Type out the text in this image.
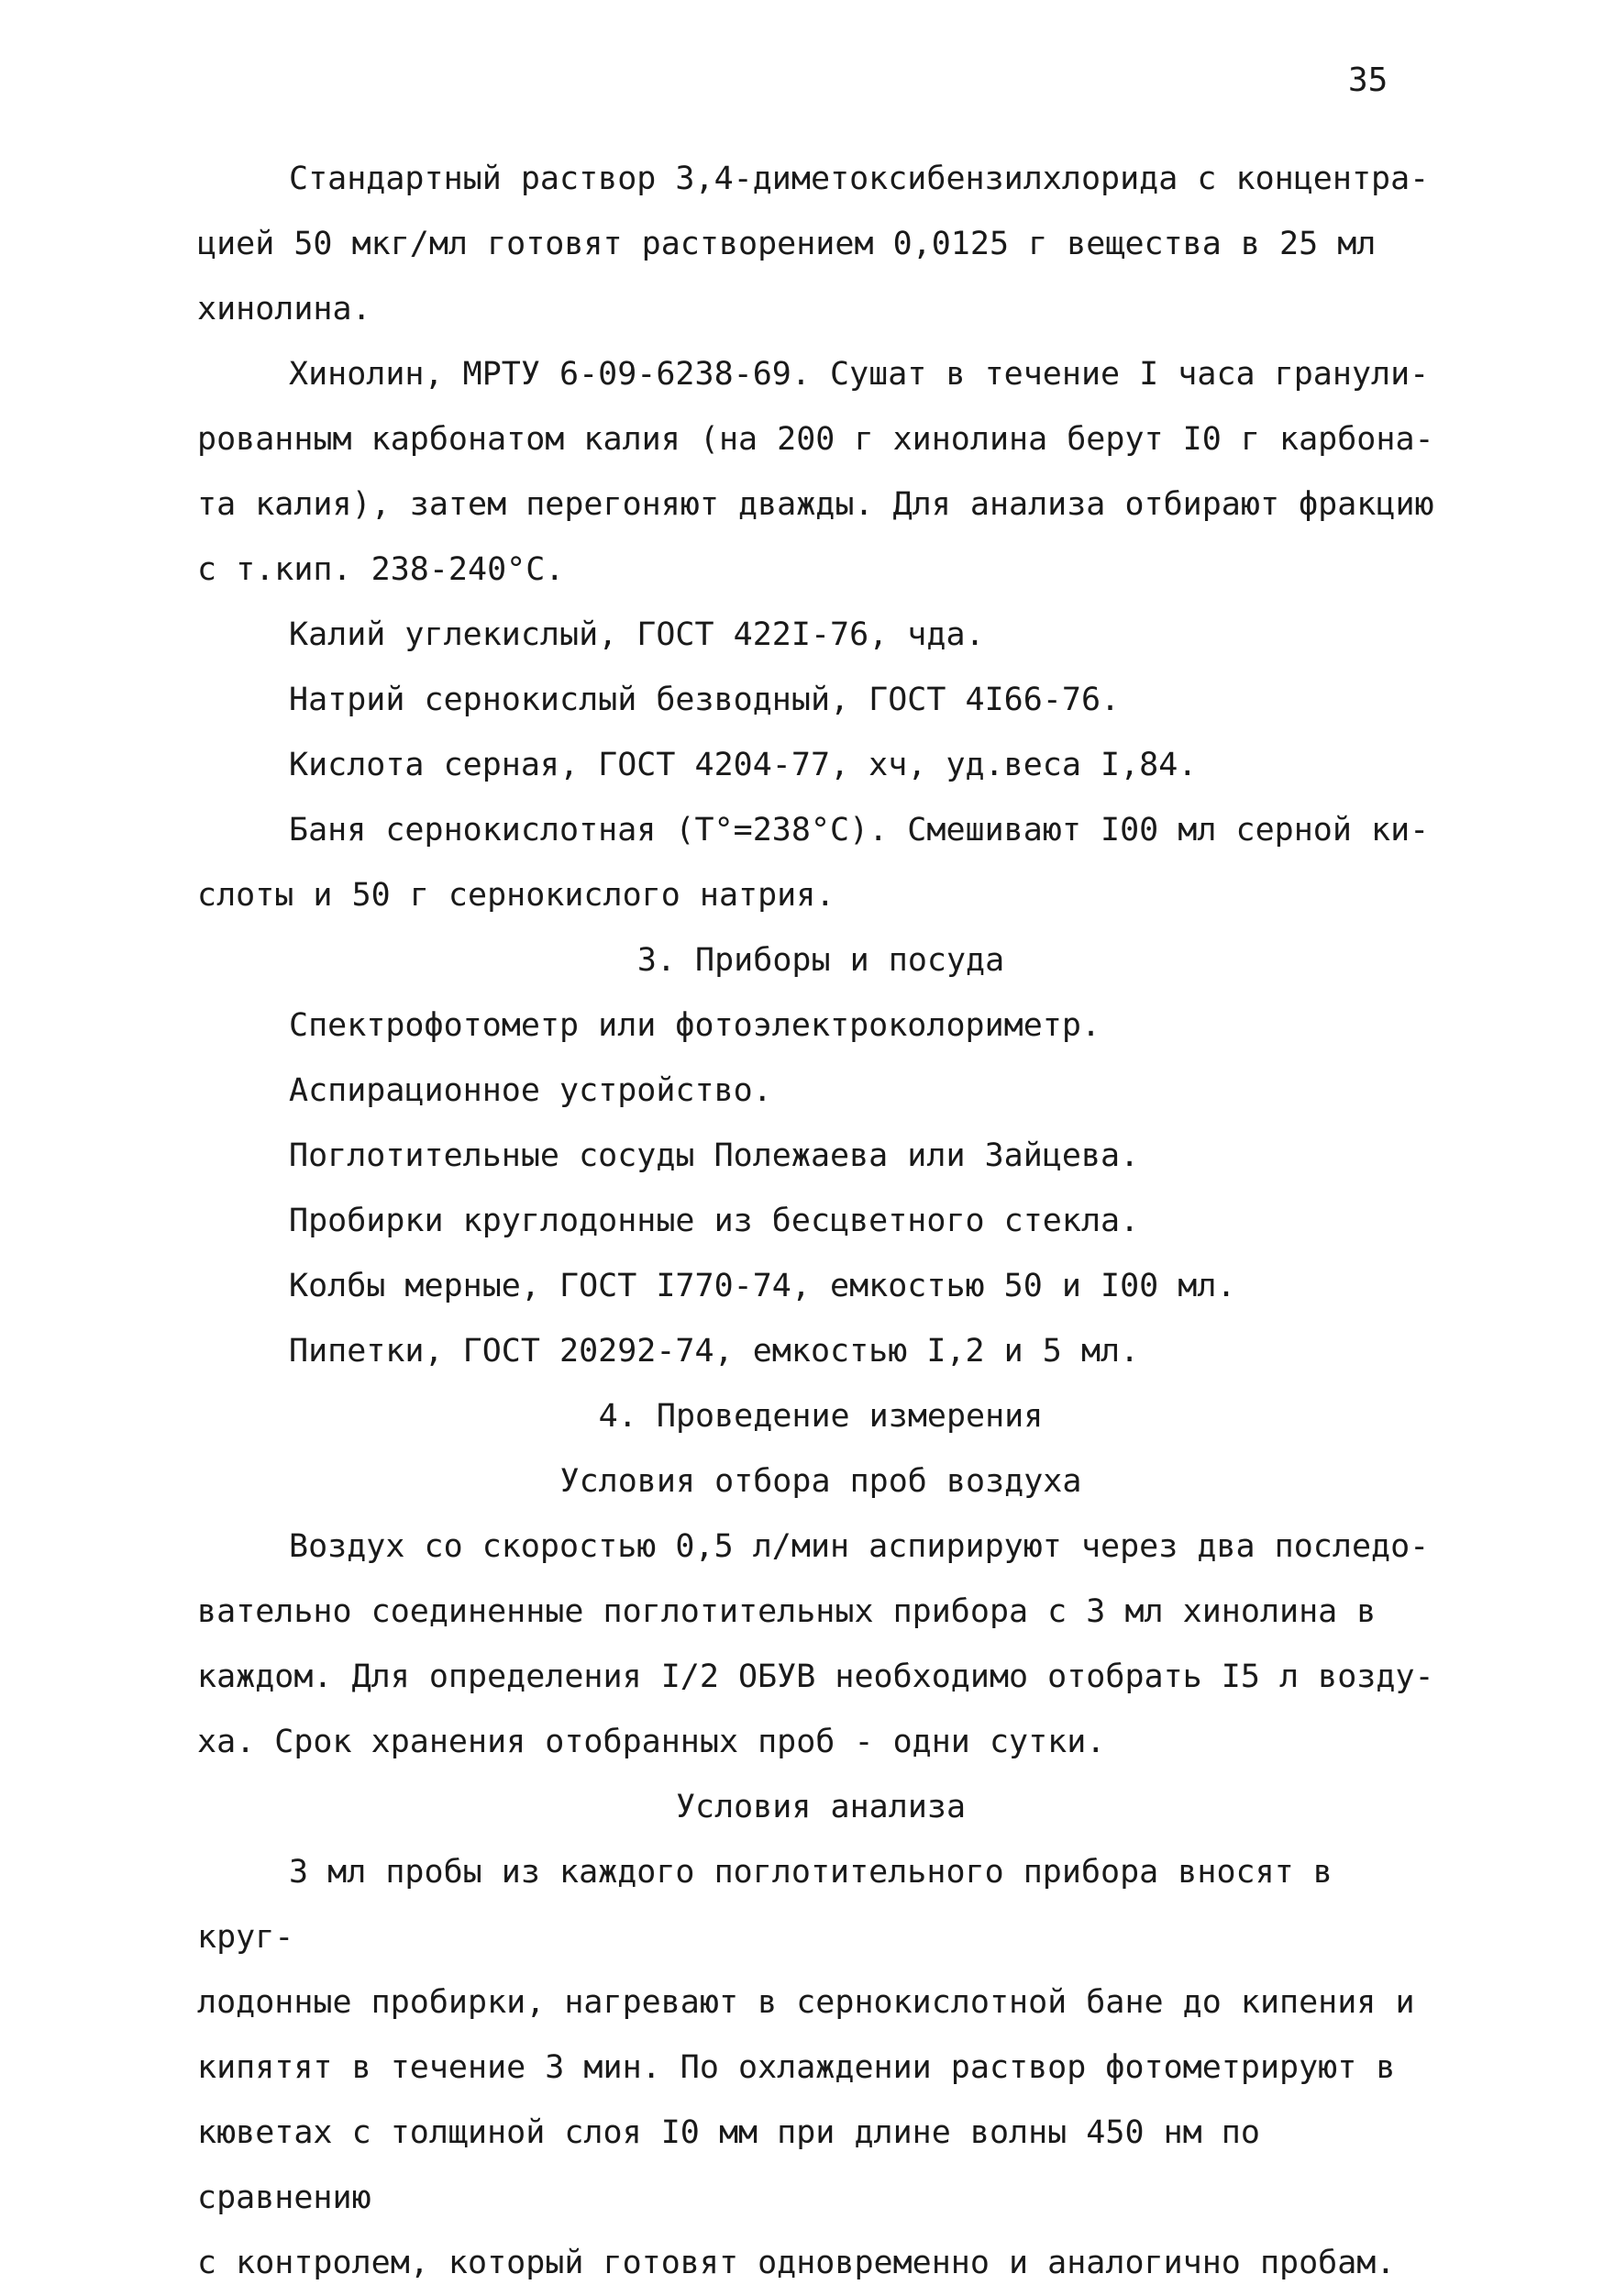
35

Стандартный раствор 3,4-диметоксибензилхлорида с концентра-
цией 50 мкг/мл готовят растворением 0,0125 г вещества в 25 мл
хинолина.

Хинолин, МРТУ 6-09-6238-69. Сушат в течение I часа гранули-
рованным карбонатом калия (на 200 г хинолина берут I0 г карбона-
та калия), затем перегоняют дважды. Для анализа отбирают фракцию
с т.кип. 238-240°С.

Калий углекислый, ГОСТ 422I-76, чда.

Натрий сернокислый безводный, ГОСТ 4I66-76.

Кислота серная, ГОСТ 4204-77, хч, уд.веса I,84.

Баня сернокислотная (Т°=238°С). Смешивают I00 мл серной ки-
слоты и 50 г сернокислого натрия.

3. Приборы и посуда

Спектрофотометр или фотоэлектроколориметр.

Аспирационное устройство.

Поглотительные сосуды Полежаева или Зайцева.

Пробирки круглодонные из бесцветного стекла.

Колбы мерные, ГОСТ I770-74, емкостью 50 и I00 мл.

Пипетки, ГОСТ 20292-74, емкостью I,2 и 5 мл.

4. Проведение измерения

Условия отбора проб воздуха

Воздух со скоростью 0,5 л/мин аспирируют через два последо-
вательно соединенные поглотительных прибора с 3 мл хинолина в
каждом. Для определения I/2 ОБУВ необходимо отобрать I5 л возду-
ха. Срок хранения отобранных проб - одни сутки.

Условия анализа

3 мл пробы из каждого поглотительного прибора вносят в круг-
лодонные пробирки, нагревают в сернокислотной бане до кипения и
кипятят в течение 3 мин. По охлаждении раствор фотометрируют в
кюветах с толщиной слоя I0 мм при длине волны 450 нм по сравнению
с контролем, который готовят одновременно и аналогично пробам.
